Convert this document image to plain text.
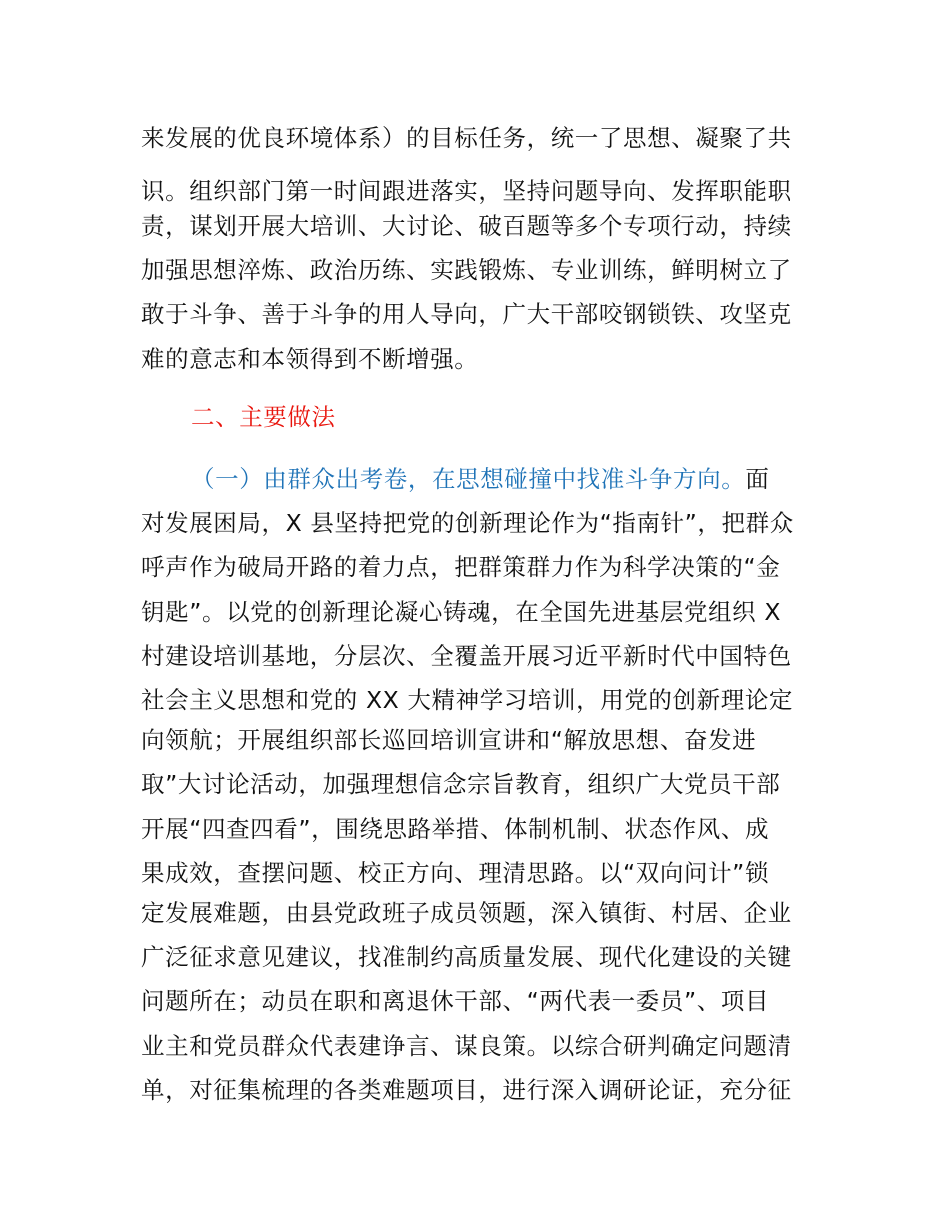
来发展的优良环境体系）的目标任务，统一了思想、凝聚了共
识。组织部门第一时间跟进落实，坚持问题导向、发挥职能职
责，谋划开展大培训、大讨论、破百题等多个专项行动，持续
加强思想淬炼、政治历练、实践锻炼、专业训练，鲜明树立了
敢于斗争、善于斗争的用人导向，广大干部咬钢锁铁、攻坚克
难的意志和本领得到不断增强。
二、主要做法
（一）由群众出考卷，在思想碰撞中找准斗争方向。面
对发展困局，X 县坚持把党的创新理论作为“指南针”，把群众
呼声作为破局开路的着力点，把群策群力作为科学决策的“金
钥匙”。以党的创新理论凝心铸魂，在全国先进基层党组织 X
村建设培训基地，分层次、全覆盖开展习近平新时代中国特色
社会主义思想和党的 XX 大精神学习培训，用党的创新理论定
向领航；开展组织部长巡回培训宣讲和“解放思想、奋发进
取”大讨论活动，加强理想信念宗旨教育，组织广大党员干部
开展“四查四看”，围绕思路举措、体制机制、状态作风、成
果成效，查摆问题、校正方向、理清思路。以“双向问计”锁
定发展难题，由县党政班子成员领题，深入镇街、村居、企业
广泛征求意见建议，找准制约高质量发展、现代化建设的关键
问题所在；动员在职和离退休干部、“两代表一委员”、项目
业主和党员群众代表建诤言、谋良策。以综合研判确定问题清
单，对征集梳理的各类难题项目，进行深入调研论证，充分征
